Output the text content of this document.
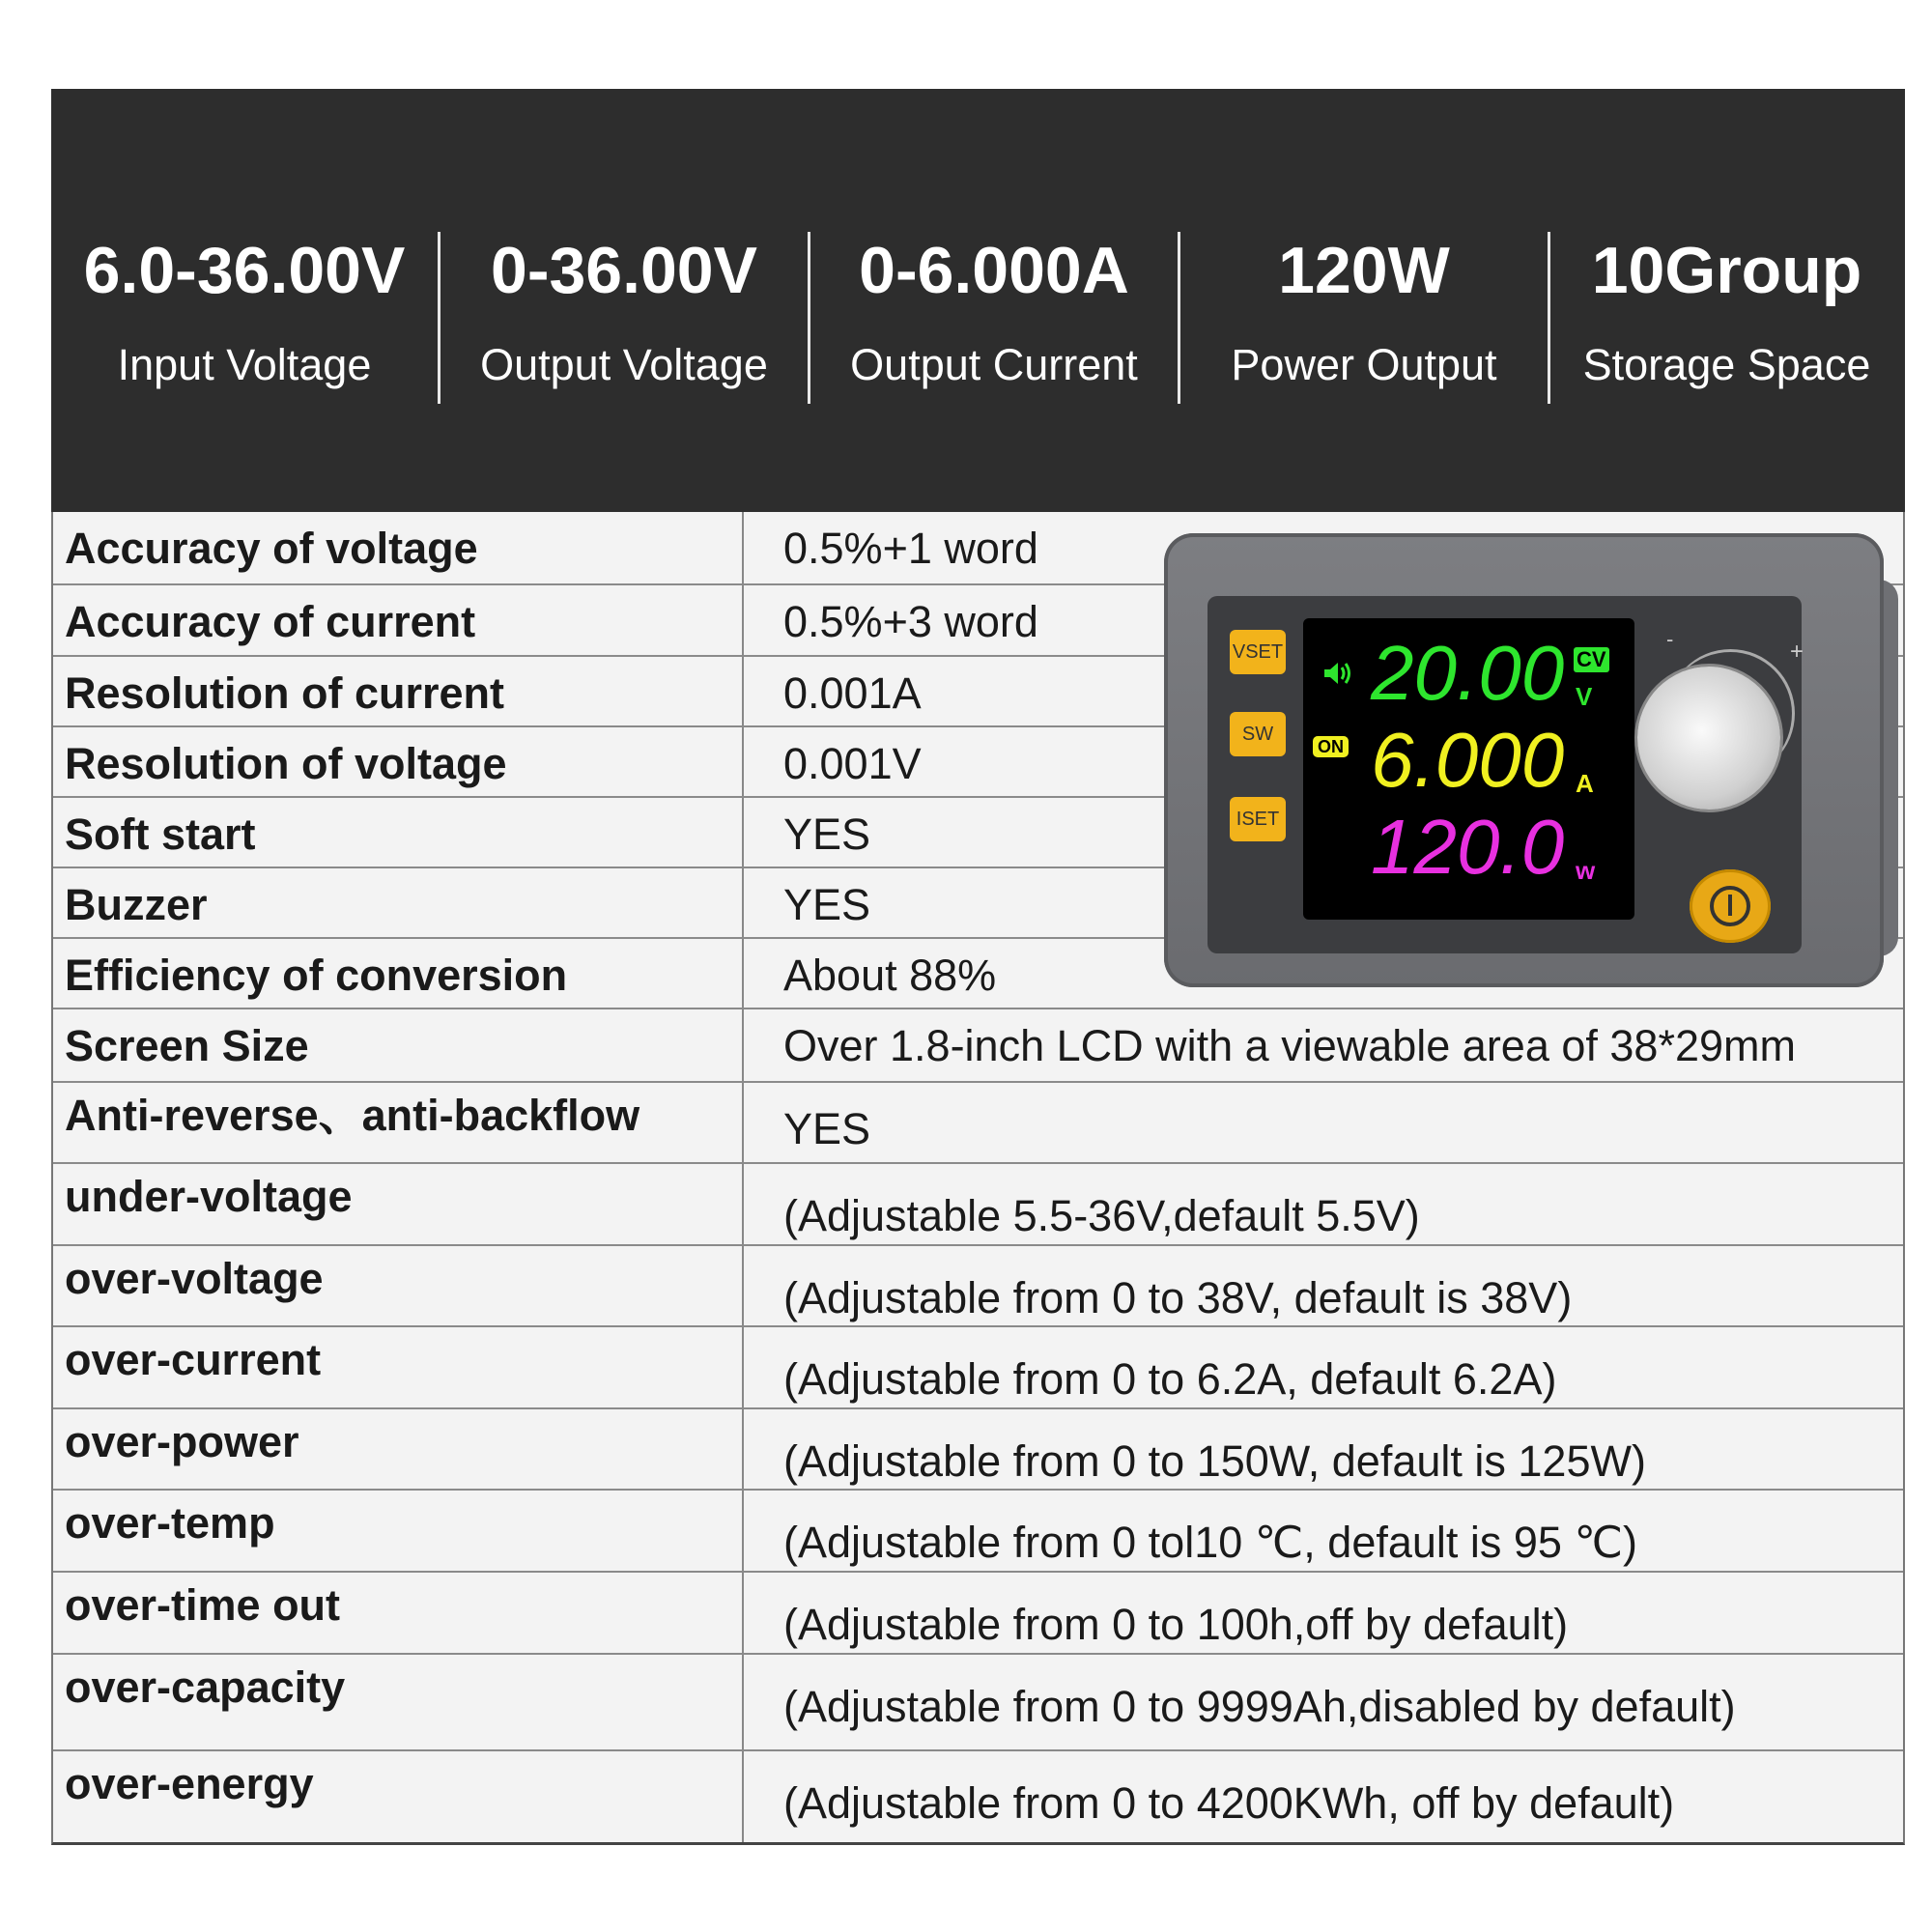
6.0-36.00V
Input Voltage
0-36.00V
Output Voltage
0-6.000A
Output Current
120W
Power Output
10Group
Storage Space
Accuracy of voltage	0.5%+1 word
Accuracy of current	0.5%+3 word
Resolution of current	0.001A
Resolution of voltage	0.001V
Soft start	YES
Buzzer	YES
Efficiency of conversion	About 88%
Screen Size	Over 1.8-inch LCD with a viewable area of 38*29mm
Anti-reverse、anti-backflow	YES
under-voltage	(Adjustable 5.5-36V,default 5.5V)
over-voltage	(Adjustable from 0 to 38V, default is 38V)
over-current	(Adjustable from 0 to 6.2A, default 6.2A)
over-power	(Adjustable from 0 to 150W, default is 125W)
over-temp	(Adjustable from 0 tol10 ℃, default is 95 ℃)
over-time out	(Adjustable from 0 to 100h,off by default)
over-capacity	(Adjustable from 0 to 9999Ah,disabled by default)
over-energy	(Adjustable from 0 to 4200KWh, off by default)
VSET
SW
ISET
20.00 CV
V
ON 6.000 A
120.0 w
-	+
